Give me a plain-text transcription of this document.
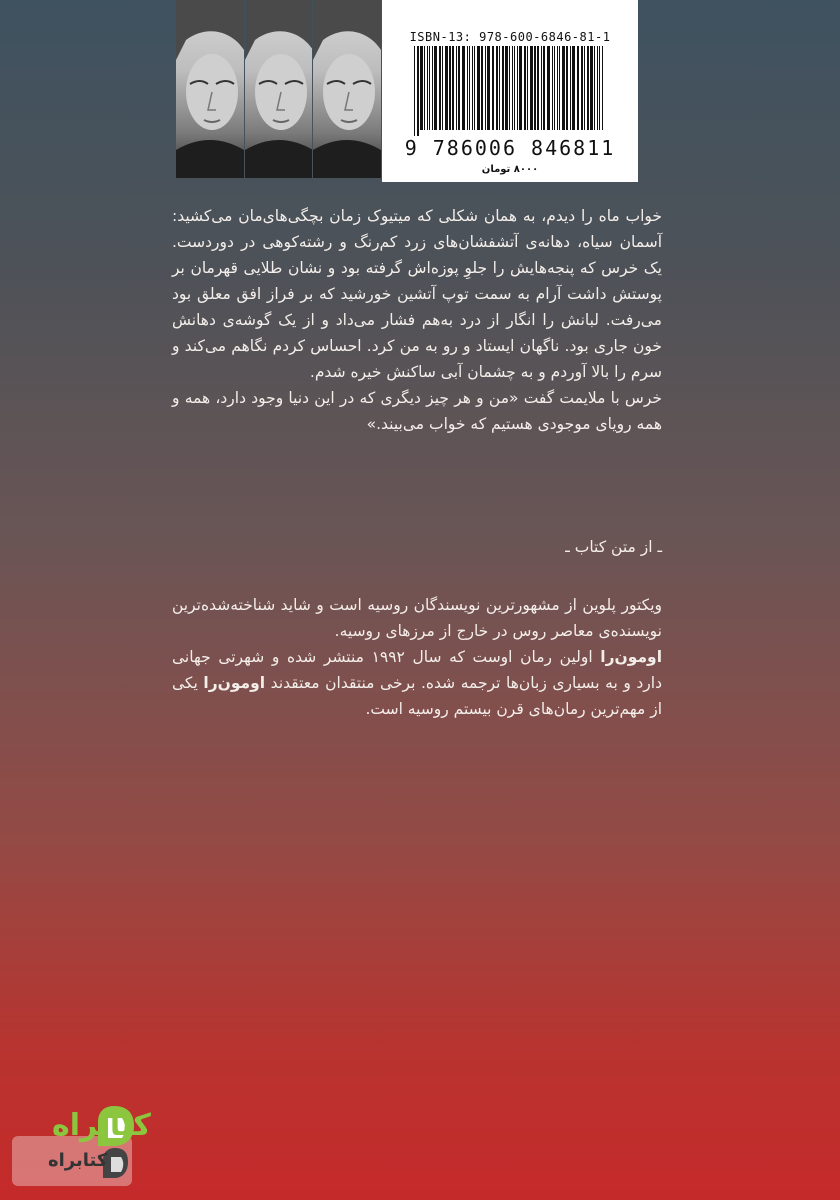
ISBN-13: 978-600-6846-81-1
9 786006 846811
۸۰۰۰ تومان

خواب ماه را دیدم، به همان شکلی که میتیوک زمان بچگی‌های‌مان می‌کشید: آسمان سیاه، دهانه‌ی آتشفشان‌های زرد کم‌رنگ و رشته‌کوهی در دوردست. یک خرس که پنجه‌هایش را جلوِ پوزه‌اش گرفته بود و نشان طلایی قهرمان بر پوستش داشت آرام به سمت توپ آتشین خورشید که بر فراز افق معلق بود می‌رفت. لبانش را انگار از درد به‌هم فشار می‌داد و از یک گوشه‌ی دهانش خون جاری بود. ناگهان ایستاد و رو به من کرد. احساس کردم نگاهم می‌کند و سرم را بالا آوردم و به چشمان آبی ساکنش خیره شدم.

خرس با ملایمت گفت «من و هر چیز دیگری که در این دنیا وجود دارد، همه و همه رویای موجودی هستیم که خواب می‌بیند.»

ـ از متن کتاب ـ
ویکتور پلوین از مشهورترین نویسندگان روسیه است و شاید شناخته‌شده‌ترین نویسنده‌ی معاصر روس در خارج از مرزهای روسیه.
اومون‌را اولین رمان اوست که سال ۱۹۹۲ منتشر شده و شهرتی جهانی دارد و به بسیاری زبان‌ها ترجمه شده. برخی منتقدان معتقدند اومون‌را یکی از مهم‌ترین رمان‌های قرن بیستم روسیه است.
کتابراه
کتابراه
